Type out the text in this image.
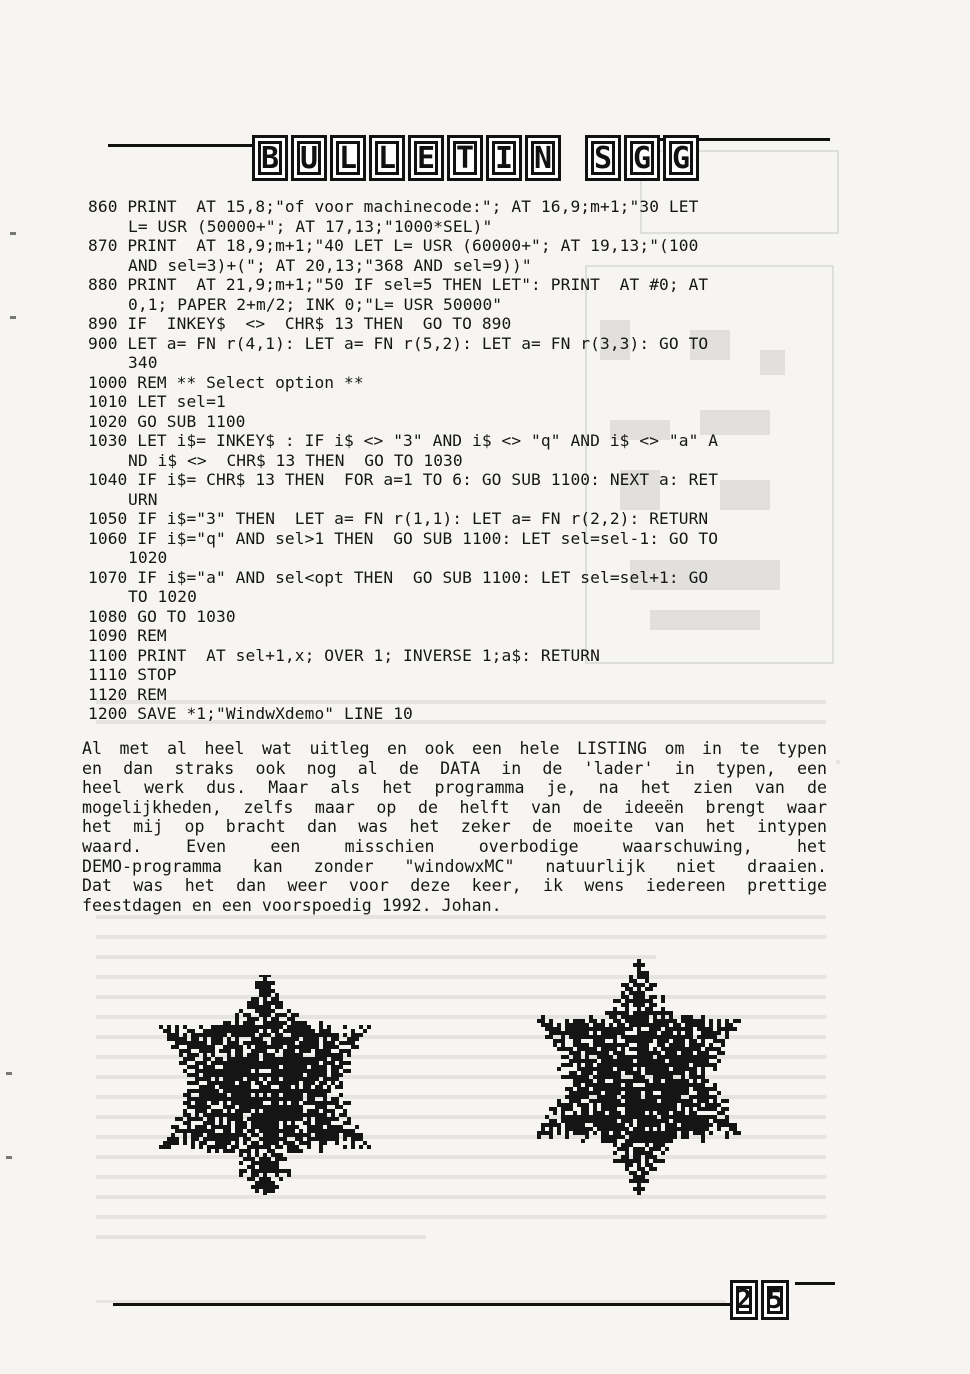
B U L L E T I N S G G
860 PRINT  AT 15,8;"of voor machinecode:"; AT 16,9;m+1;"30 LET
L= USR (50000+"; AT 17,13;"1000*SEL)"
870 PRINT  AT 18,9;m+1;"40 LET L= USR (60000+"; AT 19,13;"(100
AND sel=3)+("; AT 20,13;"368 AND sel=9))"
880 PRINT  AT 21,9;m+1;"50 IF sel=5 THEN LET": PRINT  AT #0; AT
0,1; PAPER 2+m/2; INK 0;"L= USR 50000"
890 IF  INKEY$  <>  CHR$ 13 THEN  GO TO 890
900 LET a= FN r(4,1): LET a= FN r(5,2): LET a= FN r(3,3): GO TO
340
1000 REM ** Select option **
1010 LET sel=1
1020 GO SUB 1100
1030 LET i$= INKEY$ : IF i$ <> "3" AND i$ <> "q" AND i$ <> "a" A
ND i$ <>  CHR$ 13 THEN  GO TO 1030
1040 IF i$= CHR$ 13 THEN  FOR a=1 TO 6: GO SUB 1100: NEXT a: RET
URN
1050 IF i$="3" THEN  LET a= FN r(1,1): LET a= FN r(2,2): RETURN
1060 IF i$="q" AND sel>1 THEN  GO SUB 1100: LET sel=sel-1: GO TO
1020
1070 IF i$="a" AND sel<opt THEN  GO SUB 1100: LET sel=sel+1: GO
TO 1020
1080 GO TO 1030
1090 REM
1100 PRINT  AT sel+1,x; OVER 1; INVERSE 1;a$: RETURN
1110 STOP
1120 REM
1200 SAVE *1;"WindwXdemo" LINE 10
Al met al heel wat uitleg en ook een hele LISTING om in te typen
en dan straks ook nog al de DATA in de 'lader' in typen, een
heel werk dus. Maar als het programma je, na het zien van de
mogelijkheden, zelfs maar op de helft van de ideeën brengt waar
het mij op bracht dan was het zeker de moeite van het intypen
waard. Even een misschien overbodige waarschuwing, het
DEMO-programma kan zonder "windowxMC" natuurlijk niet draaien.
Dat was het dan weer voor deze keer, ik wens iedereen prettige
feestdagen en een voorspoedig 1992. Johan.
2 5
